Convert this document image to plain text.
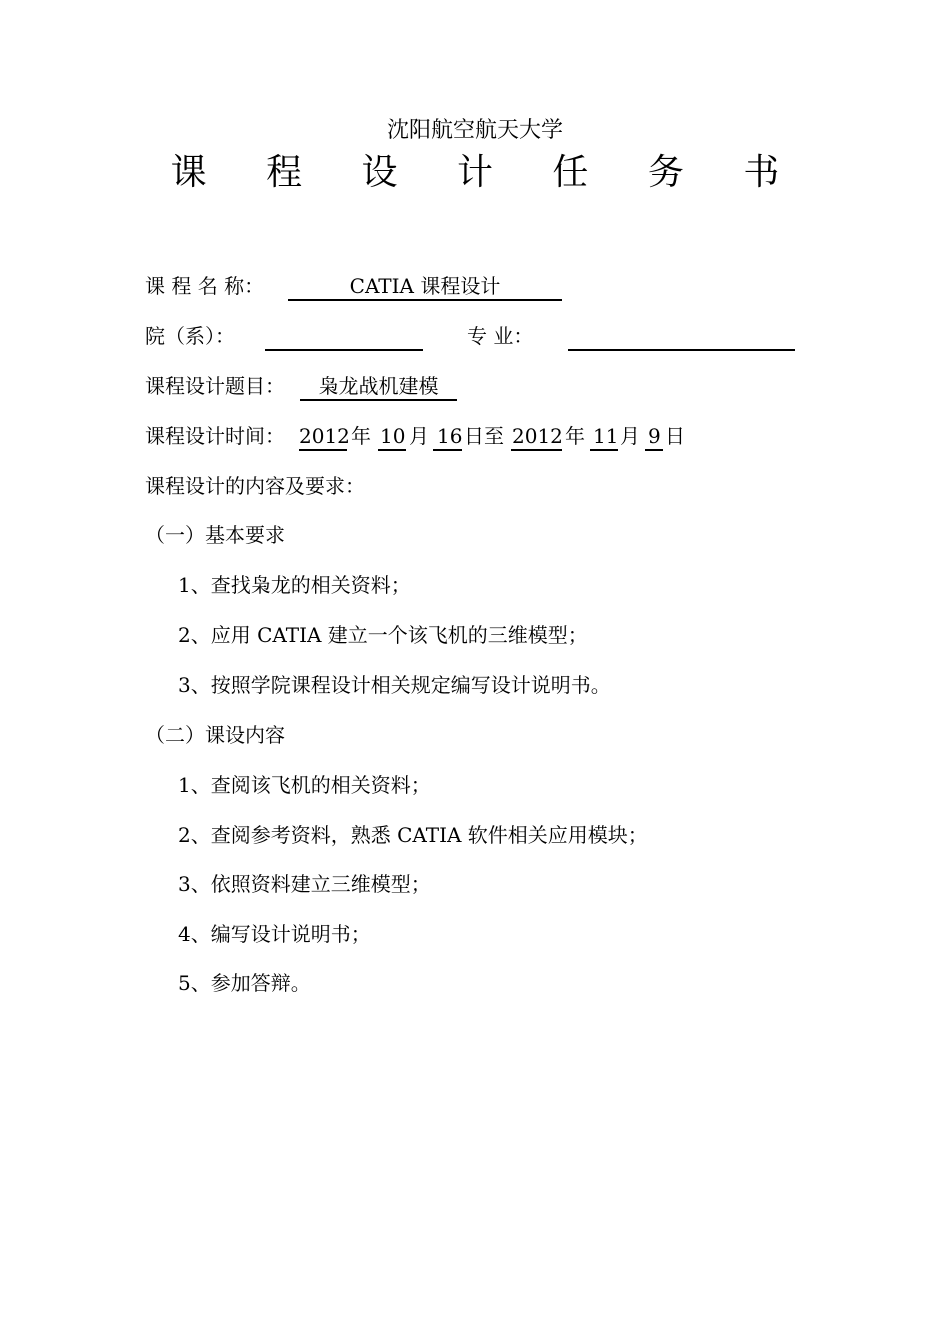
沈阳航空航天大学
课 程 设 计 任 务 书
课 程 名 称：	CATIA 课程设计
院（系）：	专 业：
课程设计题目：	枭龙战机建模
课程设计时间： 2012 年 10 月 16 日至 2012 年 11 月 9 日
课程设计的内容及要求：
（一）基本要求
1、查找枭龙的相关资料；
2、应用 CATIA 建立一个该飞机的三维模型；
3、按照学院课程设计相关规定编写设计说明书。
（二）课设内容
1、查阅该飞机的相关资料；
2、查阅参考资料，熟悉 CATIA 软件相关应用模块；
3、依照资料建立三维模型；
4、编写设计说明书；
5、参加答辩。
